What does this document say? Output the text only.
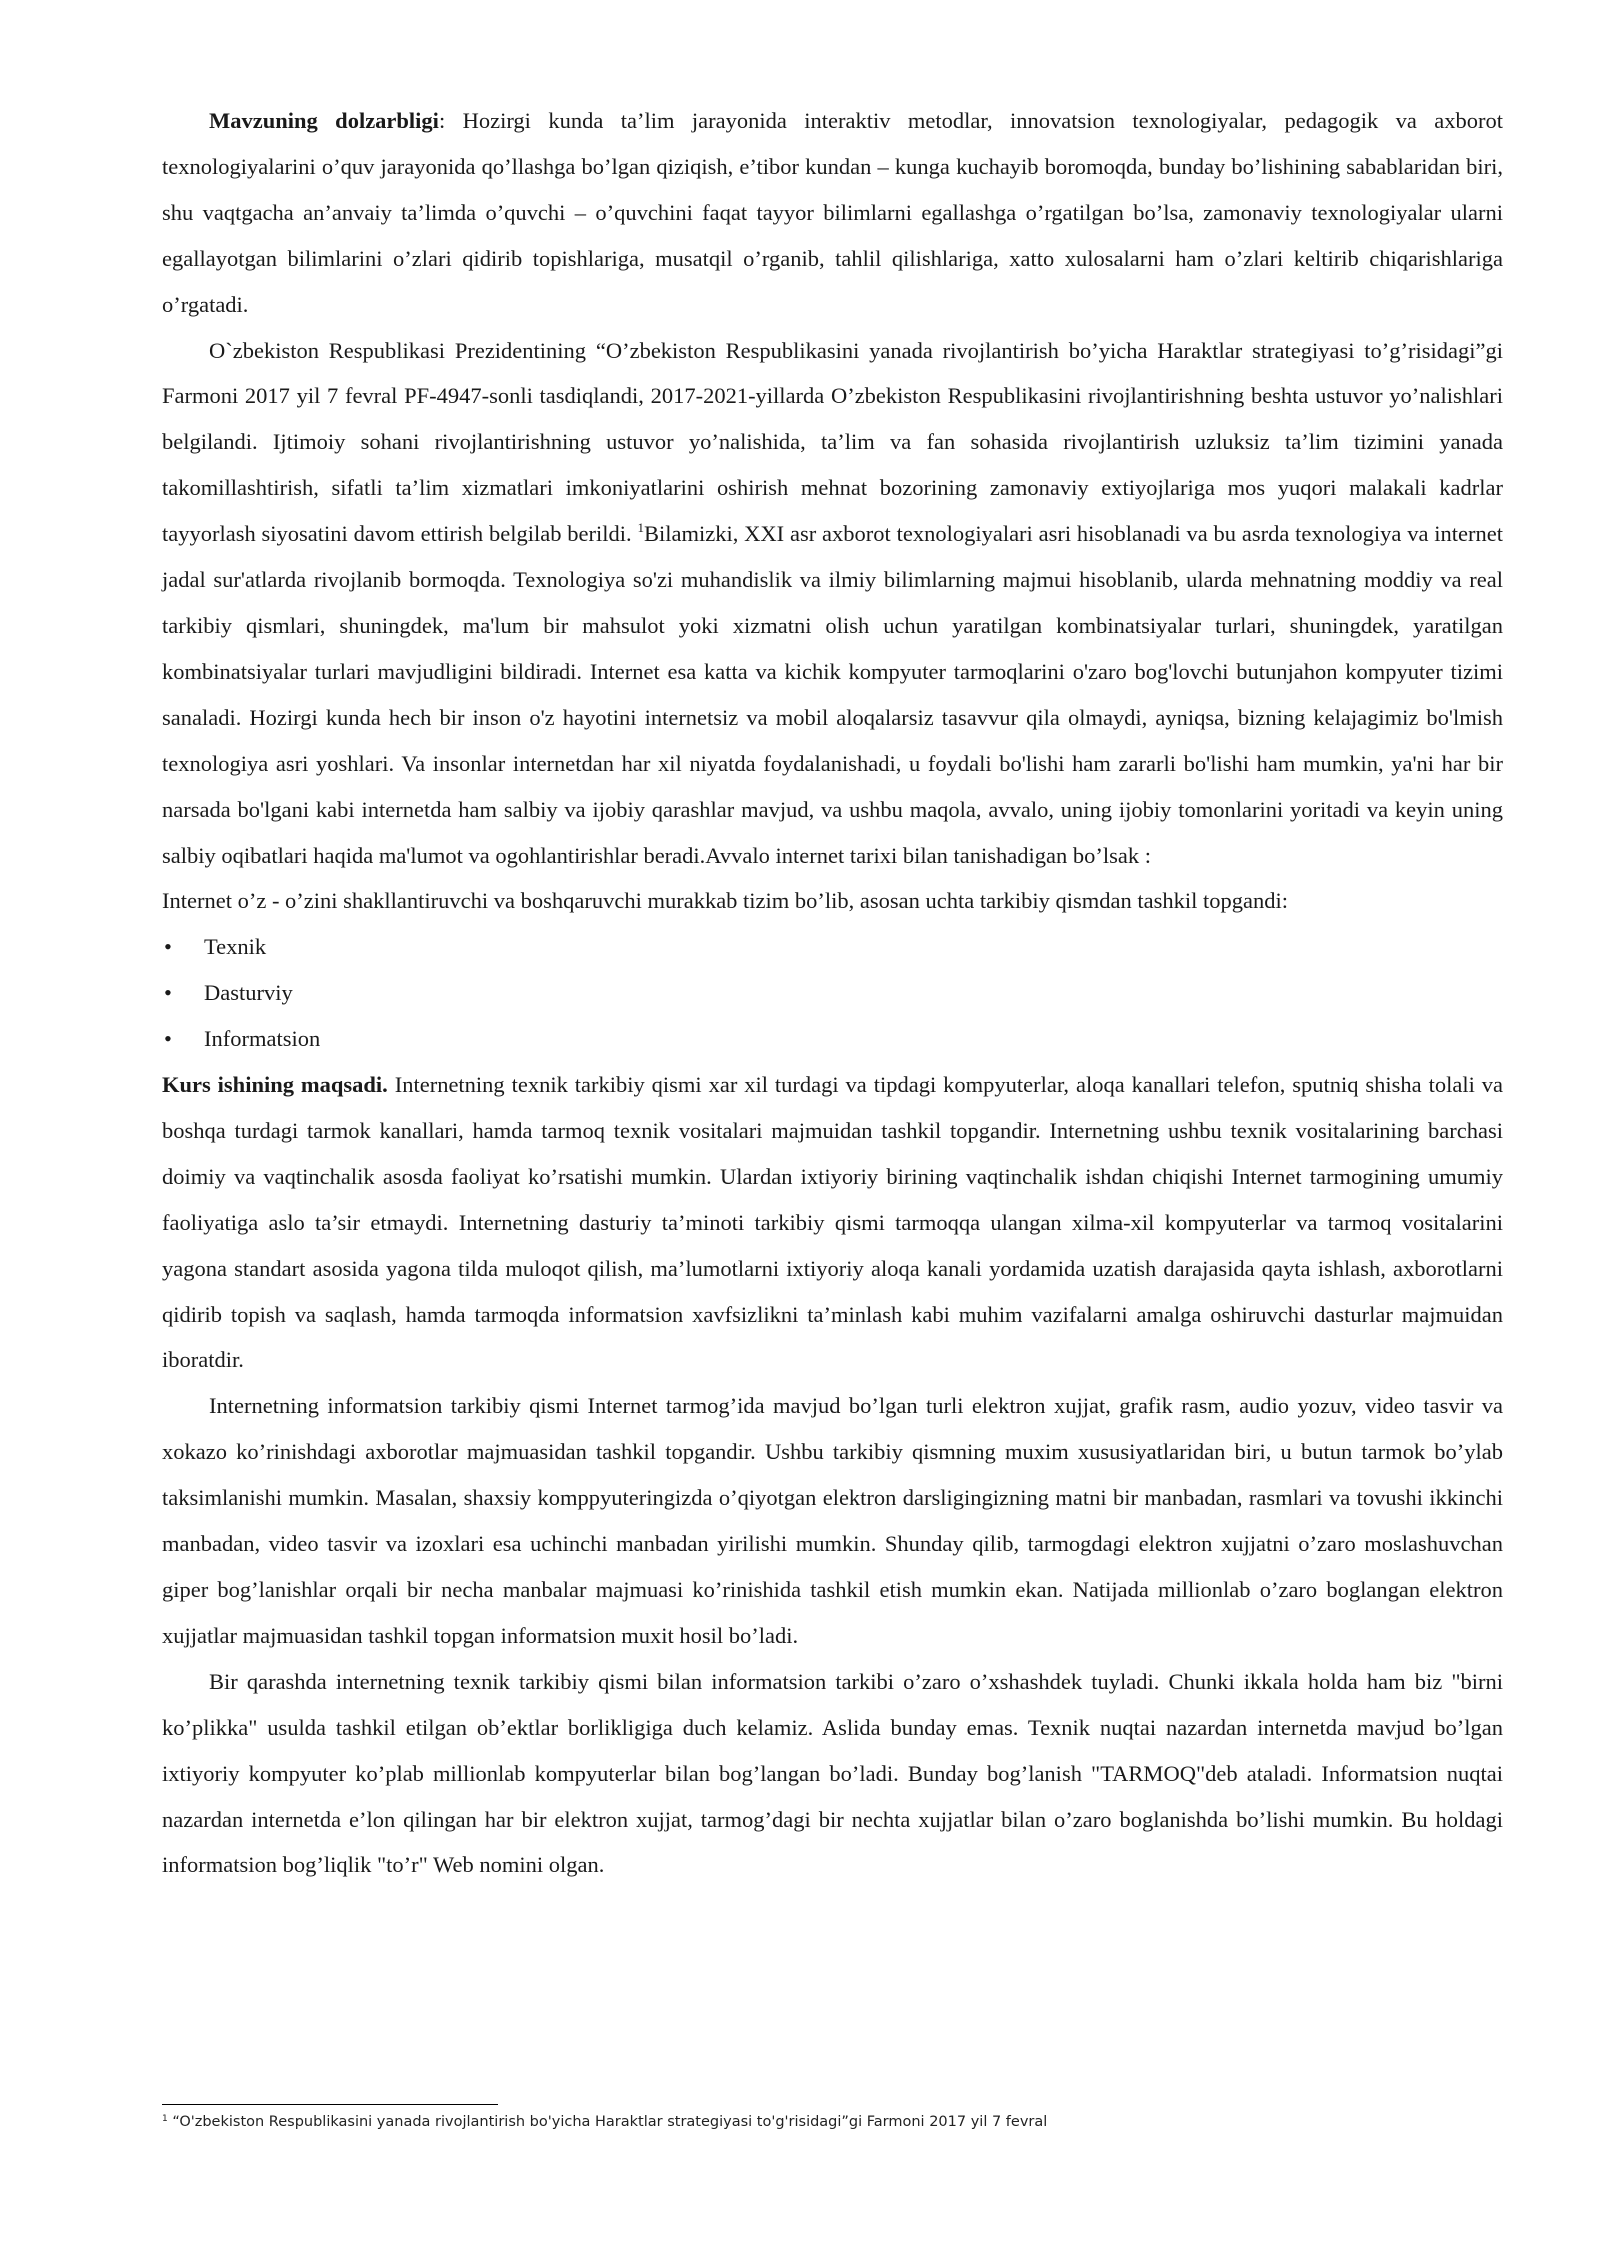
Mavzuning dolzarbligi: Hozirgi kunda ta’lim jarayonida interaktiv metodlar, innovatsion texnologiyalar, pedagogik va axborot texnologiyalarini o’quv jarayonida qo’llashga bo’lgan qiziqish, e’tibor kundan – kunga kuchayib boromoqda, bunday bo’lishining sabablaridan biri, shu vaqtgacha an’anvaiy ta’limda o’quvchi – o’quvchini faqat tayyor bilimlarni egallashga o’rgatilgan bo’lsa, zamonaviy texnologiyalar ularni egallayotgan bilimlarini o’zlari qidirib topishlariga, musatqil o’rganib, tahlil qilishlariga, xatto xulosalarni ham o’zlari keltirib chiqarishlariga o’rgatadi.

O`zbekiston Respublikasi Prezidentining “O’zbekiston Respublikasini yanada rivojlantirish bo’yicha Haraktlar strategiyasi to’g’risidagi”gi Farmoni 2017 yil 7 fevral PF-4947-sonli tasdiqlandi, 2017-2021-yillarda O’zbekiston Respublikasini rivojlantirishning beshta ustuvor yo’nalishlari belgilandi. Ijtimoiy sohani rivojlantirishning ustuvor yo’nalishida, ta’lim va fan sohasida rivojlantirish uzluksiz ta’lim tizimini yanada takomillashtirish, sifatli ta’lim xizmatlari imkoniyatlarini oshirish mehnat bozorining zamonaviy extiyojlariga mos yuqori malakali kadrlar tayyorlash siyosatini davom ettirish belgilab berildi. $^1$Bilamizki, XXI asr axborot texnologiyalari asri hisoblanadi va bu asrda texnologiya va internet jadal sur'atlarda rivojlanib bormoqda. Texnologiya so'zi muhandislik va ilmiy bilimlarning majmui hisoblanib, ularda mehnatning moddiy va real tarkibiy qismlari, shuningdek, ma'lum bir mahsulot yoki xizmatni olish uchun yaratilgan kombinatsiyalar turlari, shuningdek, yaratilgan kombinatsiyalar turlari mavjudligini bildiradi. Internet esa katta va kichik kompyuter tarmoqlarini o'zaro bog'lovchi butunjahon kompyuter tizimi sanaladi. Hozirgi kunda hech bir inson o'z hayotini internetsiz va mobil aloqalarsiz tasavvur qila olmaydi, ayniqsa, bizning kelajagimiz bo'lmish texnologiya asri yoshlari. Va insonlar internetdan har xil niyatda foydalanishadi, u foydali bo'lishi ham zararli bo'lishi ham mumkin, ya'ni har bir narsada bo'lgani kabi internetda ham salbiy va ijobiy qarashlar mavjud, va ushbu maqola, avvalo, uning ijobiy tomonlarini yoritadi va keyin uning salbiy oqibatlari haqida ma'lumot va ogohlantirishlar beradi.Avvalo internet tarixi bilan tanishadigan bo’lsak :

Internet o’z - o’zini shakllantiruvchi va boshqaruvchi murakkab tizim bo’lib, asosan uchta tarkibiy qismdan tashkil topgandi:

• Texnik
• Dasturviy
• Informatsion

Kurs ishining maqsadi. Internetning texnik tarkibiy qismi xar xil turdagi va tipdagi kompyuterlar, aloqa kanallari telefon, sputniq shisha tolali va boshqa turdagi tarmok kanallari, hamda tarmoq texnik vositalari majmuidan tashkil topgandir. Internetning ushbu texnik vositalarining barchasi doimiy va vaqtinchalik asosda faoliyat ko’rsatishi mumkin. Ulardan ixtiyoriy birining vaqtinchalik ishdan chiqishi Internet tarmogining umumiy faoliyatiga aslo ta’sir etmaydi. Internetning dasturiy ta’minoti tarkibiy qismi tarmoqqa ulangan xilma-xil kompyuterlar va tarmoq vositalarini yagona standart asosida yagona tilda muloqot qilish, ma’lumotlarni ixtiyoriy aloqa kanali yordamida uzatish darajasida qayta ishlash, axborotlarni qidirib topish va saqlash, hamda tarmoqda informatsion xavfsizlikni ta’minlash kabi muhim vazifalarni amalga oshiruvchi dasturlar majmuidan iboratdir.

Internetning informatsion tarkibiy qismi Internet tarmog’ida mavjud bo’lgan turli elektron xujjat, grafik rasm, audio yozuv, video tasvir va xokazo ko’rinishdagi axborotlar majmuasidan tashkil topgandir. Ushbu tarkibiy qismning muxim xususiyatlaridan biri, u butun tarmok bo’ylab taksimlanishi mumkin. Masalan, shaxsiy komppyuteringizda o’qiyotgan elektron darsligingizning matni bir manbadan, rasmlari va tovushi ikkinchi manbadan, video tasvir va izoxlari esa uchinchi manbadan yirilishi mumkin. Shunday qilib, tarmogdagi elektron xujjatni o’zaro moslashuvchan giper bog’lanishlar orqali bir necha manbalar majmuasi ko’rinishida tashkil etish mumkin ekan. Natijada millionlab o’zaro boglangan elektron xujjatlar majmuasidan tashkil topgan informatsion muxit hosil bo’ladi.

Bir qarashda internetning texnik tarkibiy qismi bilan informatsion tarkibi o’zaro o’xshashdek tuyladi. Chunki ikkala holda ham biz "birni ko’plikka" usulda tashkil etilgan ob’ektlar borlikligiga duch kelamiz. Aslida bunday emas. Texnik nuqtai nazardan internetda mavjud bo’lgan ixtiyoriy kompyuter ko’plab millionlab kompyuterlar bilan bog’langan bo’ladi. Bunday bog’lanish "TARMOQ"deb ataladi. Informatsion nuqtai nazardan internetda e’lon qilingan har bir elektron xujjat, tarmog’dagi bir nechta xujjatlar bilan o’zaro boglanishda bo’lishi mumkin. Bu holdagi informatsion bog’liqlik "to’r" Web nomini olgan.

$^1$ “O'zbekiston Respublikasini yanada rivojlantirish bo'yicha Haraktlar strategiyasi to'g'risidagi”gi Farmoni 2017 yil 7 fevral
